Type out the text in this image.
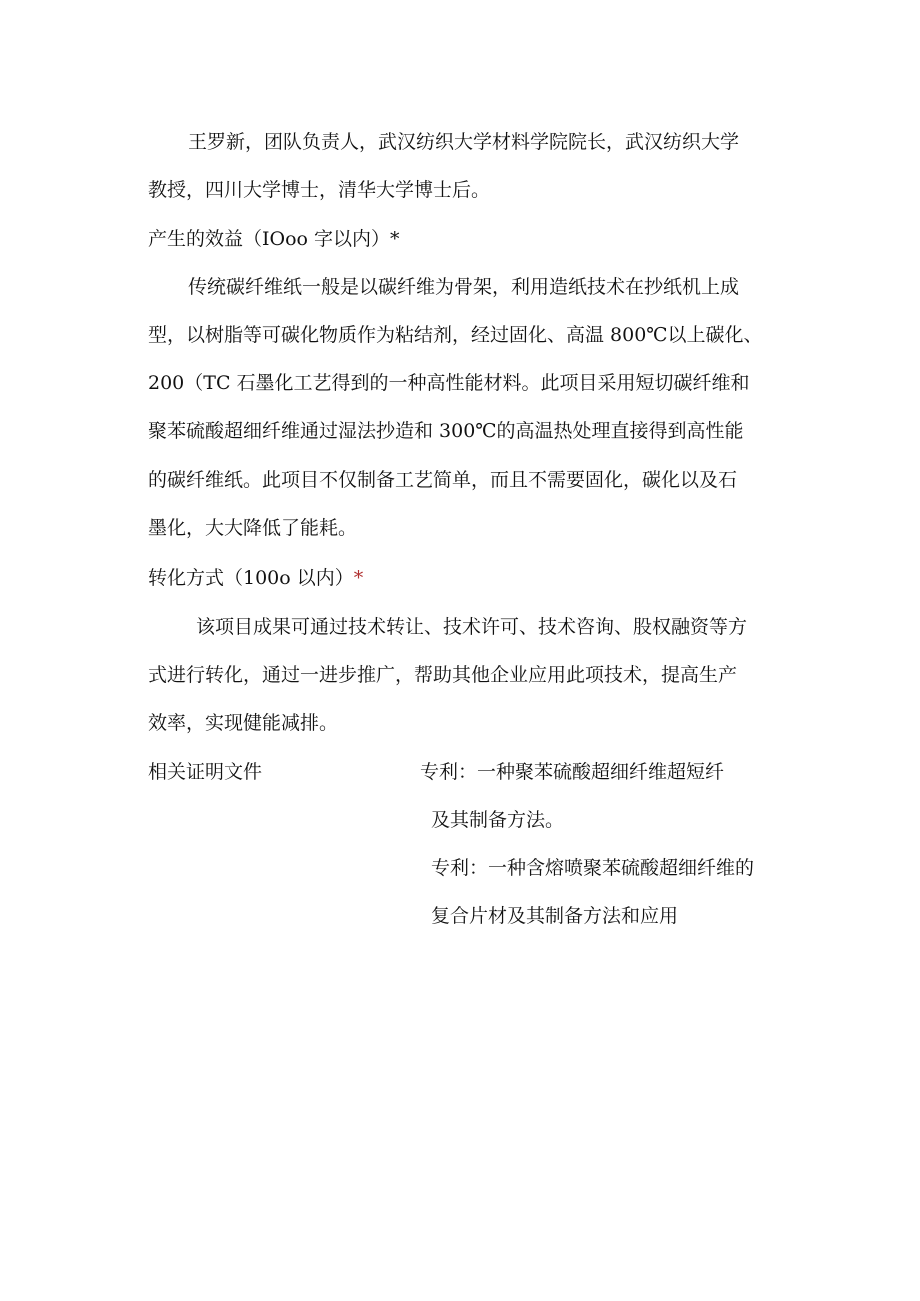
王罗新，团队负责人，武汉纺织大学材料学院院长，武汉纺织大学
教授，四川大学博士，清华大学博士后。
产生的效益（IOoo 字以内）*
传统碳纤维纸一般是以碳纤维为骨架，利用造纸技术在抄纸机上成
型，以树脂等可碳化物质作为粘结剂，经过固化、高温 800℃以上碳化、
200（TC 石墨化工艺得到的一种高性能材料。此项目采用短切碳纤维和
聚苯硫酸超细纤维通过湿法抄造和 300℃的高温热处理直接得到高性能
的碳纤维纸。此项目不仅制备工艺简单，而且不需要固化，碳化以及石
墨化，大大降低了能耗。
转化方式（100o 以内）*
该项目成果可通过技术转让、技术许可、技术咨询、股权融资等方
式进行转化，通过一进步推广，帮助其他企业应用此项技术，提高生产
效率，实现健能减排。
相关证明文件	专利：一种聚苯硫酸超细纤维超短纤
及其制备方法。
专利：一种含熔喷聚苯硫酸超细纤维的
复合片材及其制备方法和应用
